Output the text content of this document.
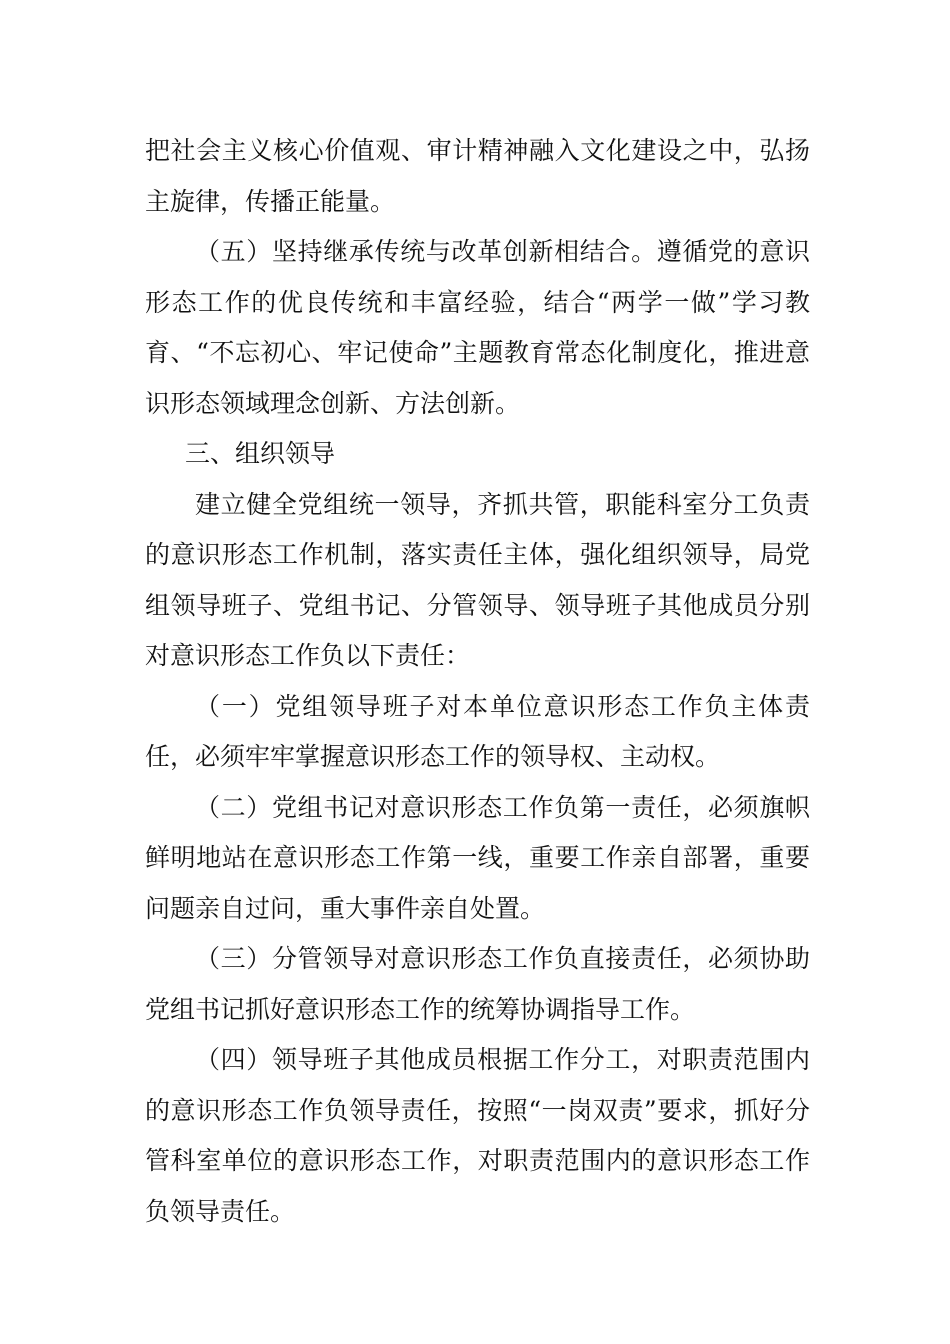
把社会主义核心价值观、审计精神融入文化建设之中，弘扬主旋律，传播正能量。

（五）坚持继承传统与改革创新相结合。遵循党的意识形态工作的优良传统和丰富经验，结合“两学一做”学习教育、“不忘初心、牢记使命”主题教育常态化制度化，推进意识形态领域理念创新、方法创新。

三、组织领导

建立健全党组统一领导，齐抓共管，职能科室分工负责的意识形态工作机制，落实责任主体，强化组织领导，局党组领导班子、党组书记、分管领导、领导班子其他成员分别对意识形态工作负以下责任：

（一）党组领导班子对本单位意识形态工作负主体责任，必须牢牢掌握意识形态工作的领导权、主动权。

（二）党组书记对意识形态工作负第一责任，必须旗帜鲜明地站在意识形态工作第一线，重要工作亲自部署，重要问题亲自过问，重大事件亲自处置。

（三）分管领导对意识形态工作负直接责任，必须协助党组书记抓好意识形态工作的统筹协调指导工作。

（四）领导班子其他成员根据工作分工，对职责范围内的意识形态工作负领导责任，按照“一岗双责”要求，抓好分管科室单位的意识形态工作，对职责范围内的意识形态工作负领导责任。
